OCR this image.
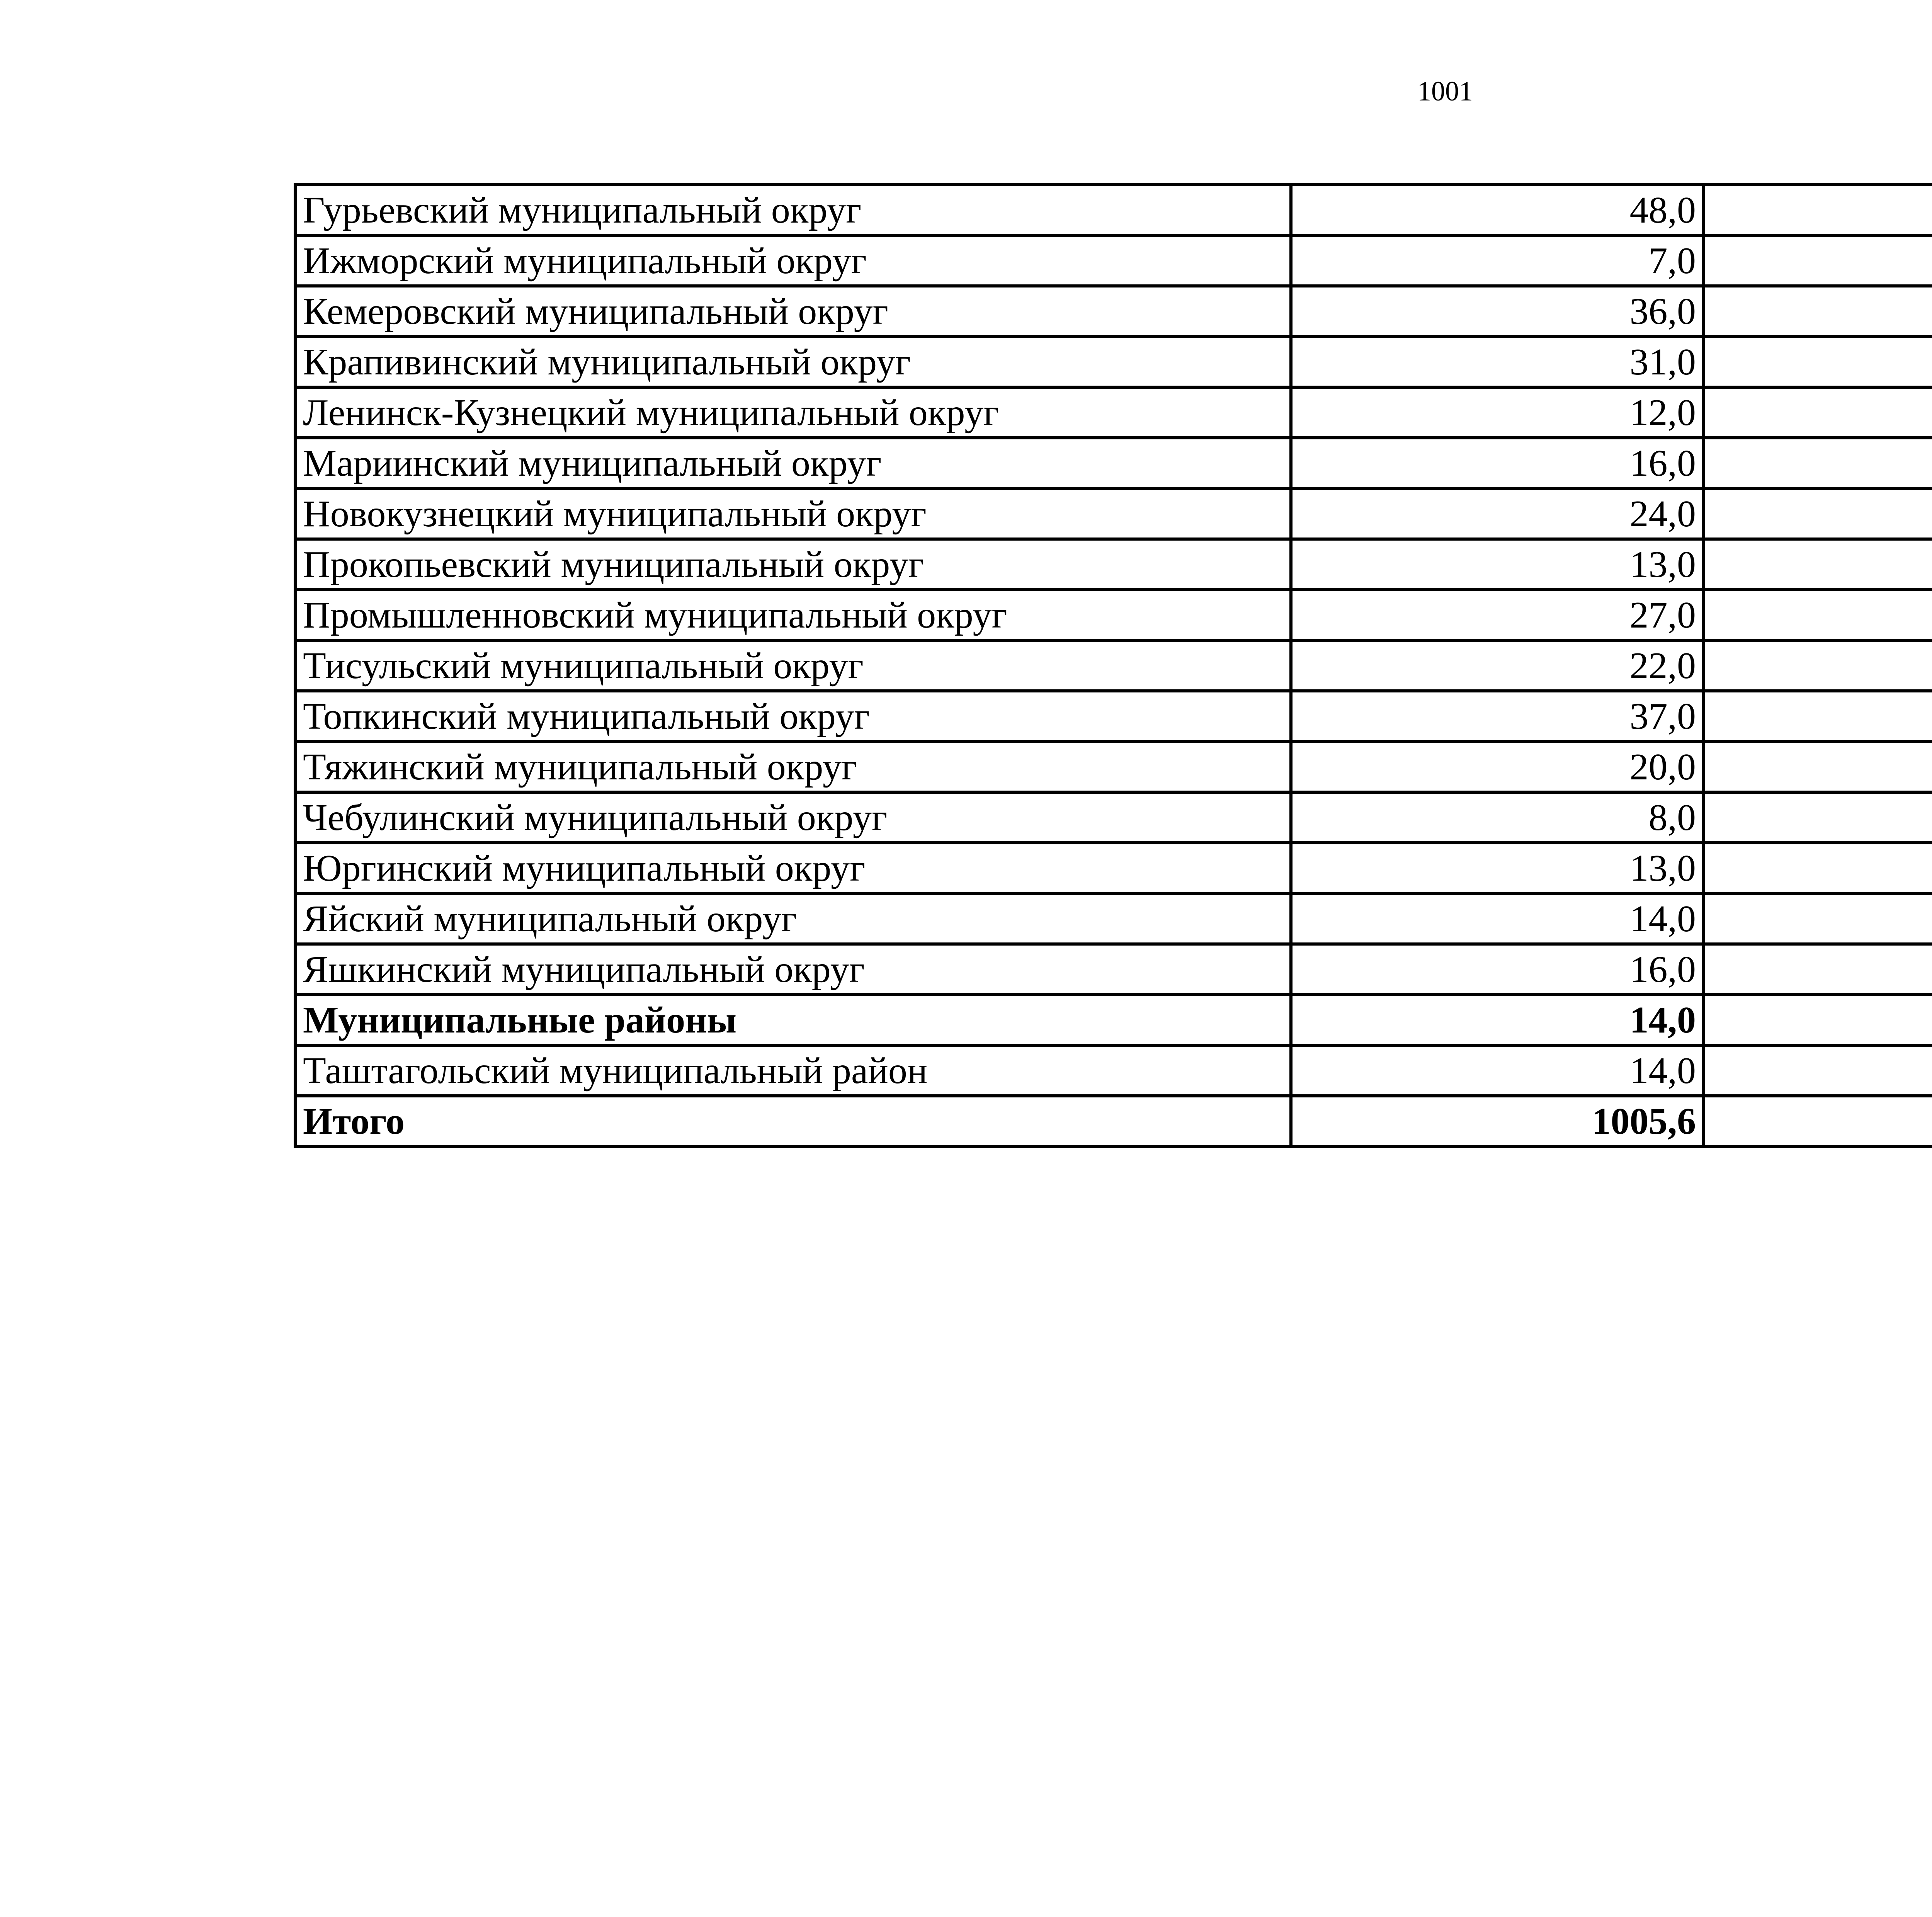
1001
Гурьевский муниципальный округ	48,0		
Ижморский муниципальный округ	7,0		
Кемеровский муниципальный округ	36,0		
Крапивинский муниципальный округ	31,0		
Ленинск-Кузнецкий муниципальный округ	12,0		
Мариинский муниципальный округ	16,0		
Новокузнецкий муниципальный округ	24,0		
Прокопьевский муниципальный округ	13,0		
Промышленновский муниципальный округ	27,0		
Тисульский муниципальный округ	22,0		
Топкинский муниципальный округ	37,0		
Тяжинский муниципальный округ	20,0		
Чебулинский муниципальный округ	8,0		
Юргинский муниципальный округ	13,0		
Яйский муниципальный округ	14,0		
Яшкинский муниципальный округ	16,0		
Муниципальные районы	14,0		
Таштагольский муниципальный район	14,0		
Итого	1005,6		
